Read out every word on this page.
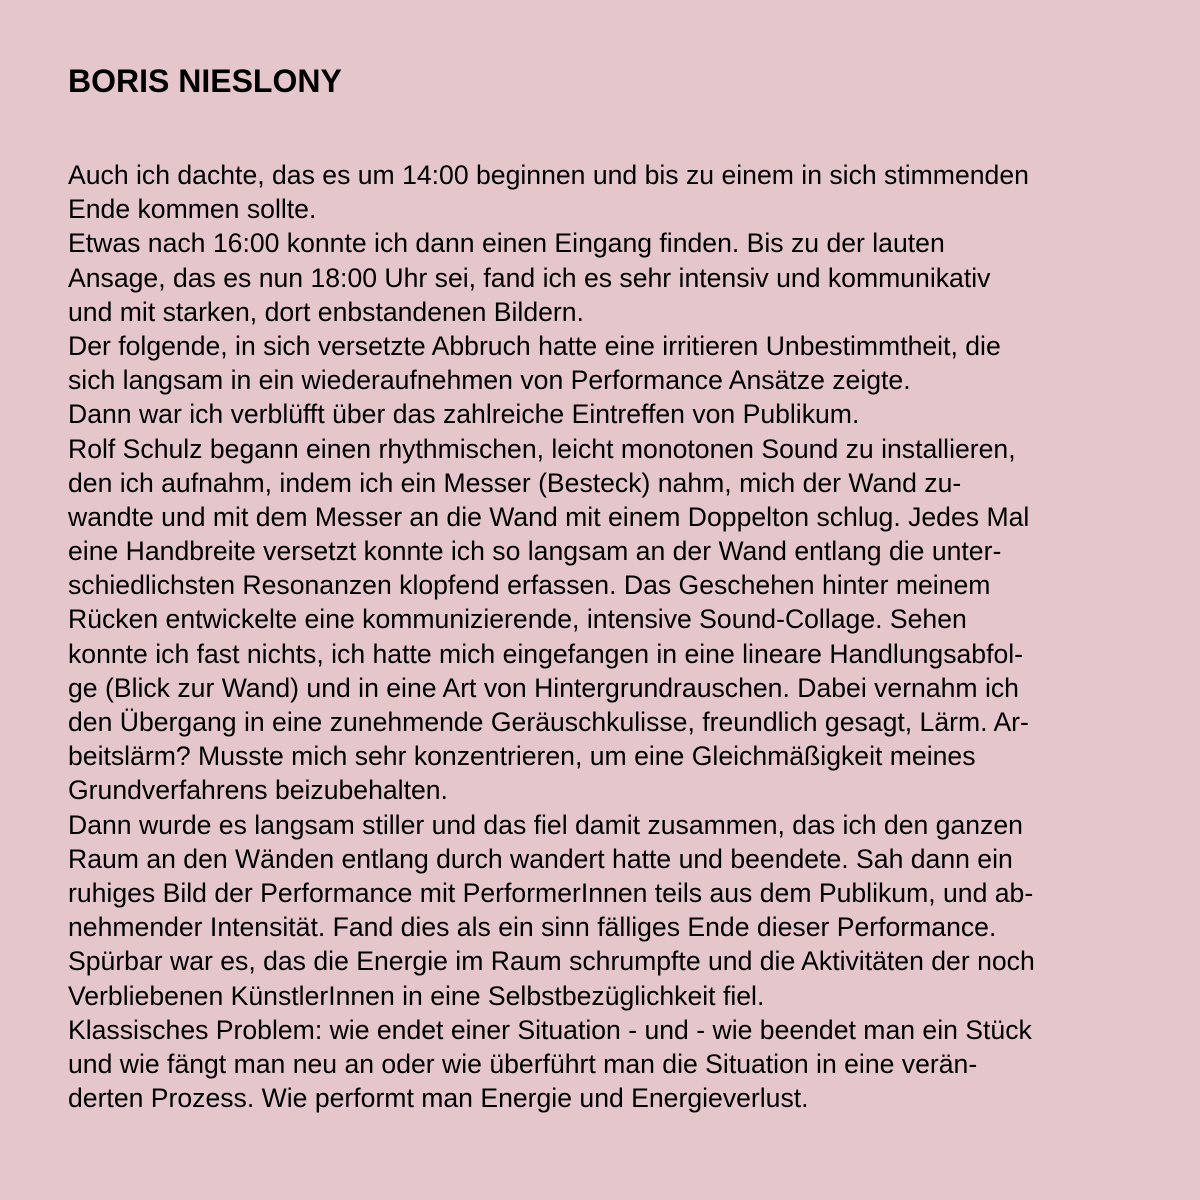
BORIS NIESLONY
Auch ich dachte, das es um 14:00 beginnen und bis zu einem in sich stimmenden
Ende kommen sollte.
Etwas nach 16:00 konnte ich dann einen Eingang finden. Bis zu der lauten
Ansage, das es nun 18:00 Uhr sei, fand ich es sehr intensiv und kommunikativ
und mit starken, dort enbstandenen Bildern.
Der folgende, in sich versetzte Abbruch hatte eine irritieren Unbestimmtheit, die
sich langsam in ein wiederaufnehmen von Performance Ansätze zeigte.
Dann war ich verblüfft über das zahlreiche Eintreffen von Publikum.
Rolf Schulz begann einen rhythmischen, leicht monotonen Sound zu installieren,
den ich aufnahm, indem ich ein Messer (Besteck) nahm, mich der Wand zu-
wandte und mit dem Messer an die Wand mit einem Doppelton schlug. Jedes Mal
eine Handbreite versetzt konnte ich so langsam an der Wand entlang die unter-
schiedlichsten Resonanzen klopfend erfassen. Das Geschehen hinter meinem
Rücken entwickelte eine kommunizierende, intensive Sound-Collage. Sehen
konnte ich fast nichts, ich hatte mich eingefangen in eine lineare Handlungsabfol-
ge (Blick zur Wand) und in eine Art von Hintergrundrauschen. Dabei vernahm ich
den Übergang in eine zunehmende Geräuschkulisse, freundlich gesagt, Lärm. Ar-
beitslärm? Musste mich sehr konzentrieren, um eine Gleichmäßigkeit meines
Grundverfahrens beizubehalten.
Dann wurde es langsam stiller und das fiel damit zusammen, das ich den ganzen
Raum an den Wänden entlang durch wandert hatte und beendete. Sah dann ein
ruhiges Bild der Performance mit PerformerInnen teils aus dem Publikum, und ab-
nehmender Intensität. Fand dies als ein sinn fälliges Ende dieser Performance.
Spürbar war es, das die Energie im Raum schrumpfte und die Aktivitäten der noch
Verbliebenen KünstlerInnen in eine Selbstbezüglichkeit fiel.
Klassisches Problem: wie endet einer Situation - und - wie beendet man ein Stück
und wie fängt man neu an oder wie überführt man die Situation in eine verän-
derten Prozess. Wie performt man Energie und Energieverlust.
